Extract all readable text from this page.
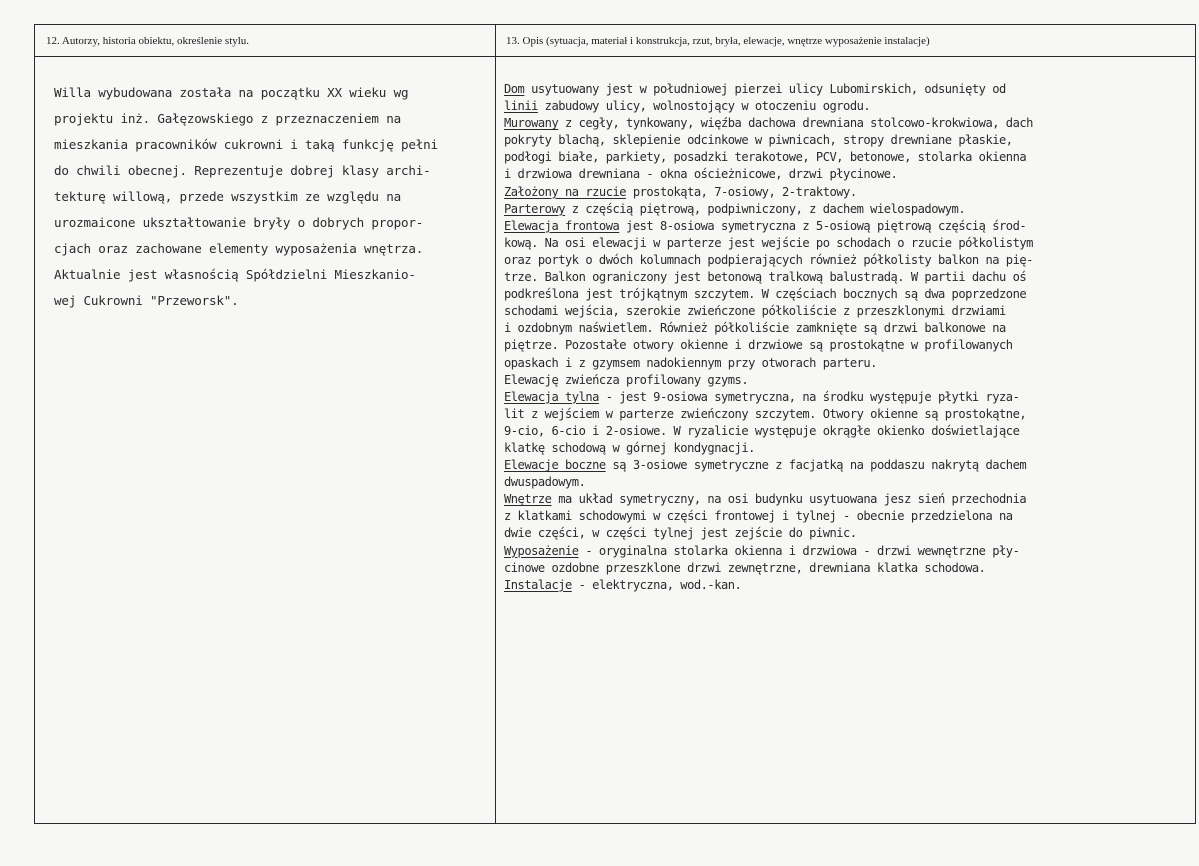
12. Autorzy, historia obiektu, określenie stylu.	13. Opis (sytuacja, materiał i konstrukcja, rzut, bryła, elewacje, wnętrze wyposażenie instalacje)
Willa wybudowana została na początku XX wieku wg
projektu inż. Gałęzowskiego z przeznaczeniem na
mieszkania pracowników cukrowni i taką funkcję pełni
do chwili obecnej. Reprezentuje dobrej klasy archi-
tekturę willową, przede wszystkim ze względu na
urozmaicone ukształtowanie bryły o dobrych propor-
cjach oraz zachowane elementy wyposażenia wnętrza.
Aktualnie jest własnością Spółdzielni Mieszkanio-
wej Cukrowni "Przeworsk".
Dom usytuowany jest w południowej pierzei ulicy Lubomirskich, odsunięty od
linii zabudowy ulicy, wolnostojący w otoczeniu ogrodu.
Murowany z cegły, tynkowany, więźba dachowa drewniana stolcowo-krokwiowa, dach
pokryty blachą, sklepienie odcinkowe w piwnicach, stropy drewniane płaskie,
podłogi białe, parkiety, posadzki terakotowe, PCV, betonowe, stolarka okienna
i drzwiowa drewniana - okna ościeżnicowe, drzwi płycinowe.
Założony na rzucie prostokąta, 7-osiowy, 2-traktowy.
Parterowy z częścią piętrową, podpiwniczony, z dachem wielospadowym.
Elewacja frontowa jest 8-osiowa symetryczna z 5-osiową piętrową częścią środ-
kową. Na osi elewacji w parterze jest wejście po schodach o rzucie półkolistym
oraz portyk o dwóch kolumnach podpierających również półkolisty balkon na pię-
trze. Balkon ograniczony jest betonową tralkową balustradą. W partii dachu oś
podkreślona jest trójkątnym szczytem. W częściach bocznych są dwa poprzedzone
schodami wejścia, szerokie zwieńczone półkoliście z przeszklonymi drzwiami
i ozdobnym naświetlem. Również półkoliście zamknięte są drzwi balkonowe na
piętrze. Pozostałe otwory okienne i drzwiowe są prostokątne w profilowanych
opaskach i z gzymsem nadokiennym przy otworach parteru.
Elewację zwieńcza profilowany gzyms.
Elewacja tylna - jest 9-osiowa symetryczna, na środku występuje płytki ryza-
lit z wejściem w parterze zwieńczony szczytem. Otwory okienne są prostokątne,
9-cio, 6-cio i 2-osiowe. W ryzalicie występuje okrągłe okienko doświetlające
klatkę schodową w górnej kondygnacji.
Elewacje boczne są 3-osiowe symetryczne z facjatką na poddaszu nakrytą dachem
dwuspadowym.
Wnętrze ma układ symetryczny, na osi budynku usytuowana jesz sień przechodnia
z klatkami schodowymi w części frontowej i tylnej - obecnie przedzielona na
dwie części, w części tylnej jest zejście do piwnic.
Wyposażenie - oryginalna stolarka okienna i drzwiowa - drzwi wewnętrzne pły-
cinowe ozdobne przeszklone drzwi zewnętrzne, drewniana klatka schodowa.
Instalacje - elektryczna, wod.-kan.
